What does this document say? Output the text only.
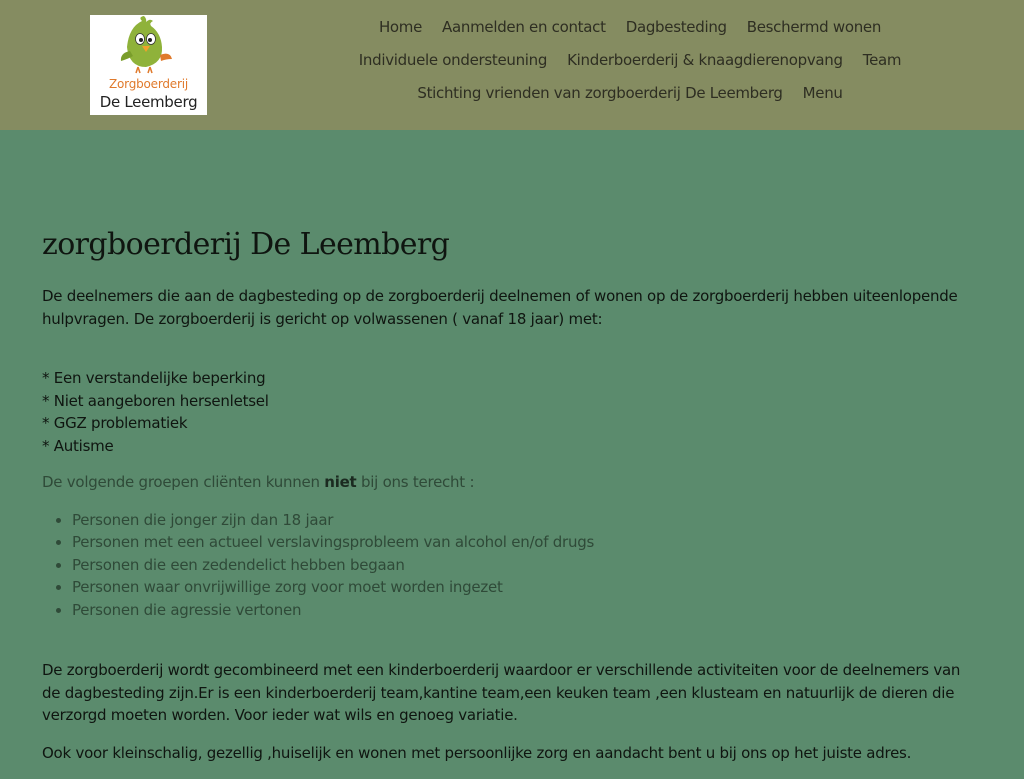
Zorgboerderij
De Leemberg
Home	Aanmelden en contact	Dagbesteding	Beschermd wonen
Individuele ondersteuning	Kinderboerderij & knaagdierenopvang	Team
Stichting vrienden van zorgboerderij De Leemberg	Menu
zorgboerderij De Leemberg

De deelnemers die aan de dagbesteding op de zorgboerderij deelnemen of wonen op de zorgboerderij hebben uiteenlopende hulpvragen. De zorgboerderij is gericht op volwassenen ( vanaf 18 jaar) met:

* Een verstandelijke beperking
* Niet aangeboren hersenletsel
* GGZ problematiek
* Autisme

De volgende groepen cliënten kunnen niet bij ons terecht :

• Personen die jonger zijn dan 18 jaar
• Personen met een actueel verslavingsprobleem van alcohol en/of drugs
• Personen die een zedendelict hebben begaan
• Personen waar onvrijwillige zorg voor moet worden ingezet
• Personen die agressie vertonen

De zorgboerderij wordt gecombineerd met een kinderboerderij waardoor er verschillende activiteiten voor de deelnemers van de dagbesteding zijn.Er is een kinderboerderij team,kantine team,een keuken team ,een klusteam en natuurlijk de dieren die verzorgd moeten worden. Voor ieder wat wils en genoeg variatie.

Ook voor kleinschalig, gezellig ,huiselijk en wonen met persoonlijke zorg en aandacht bent u bij ons op het juiste adres.
